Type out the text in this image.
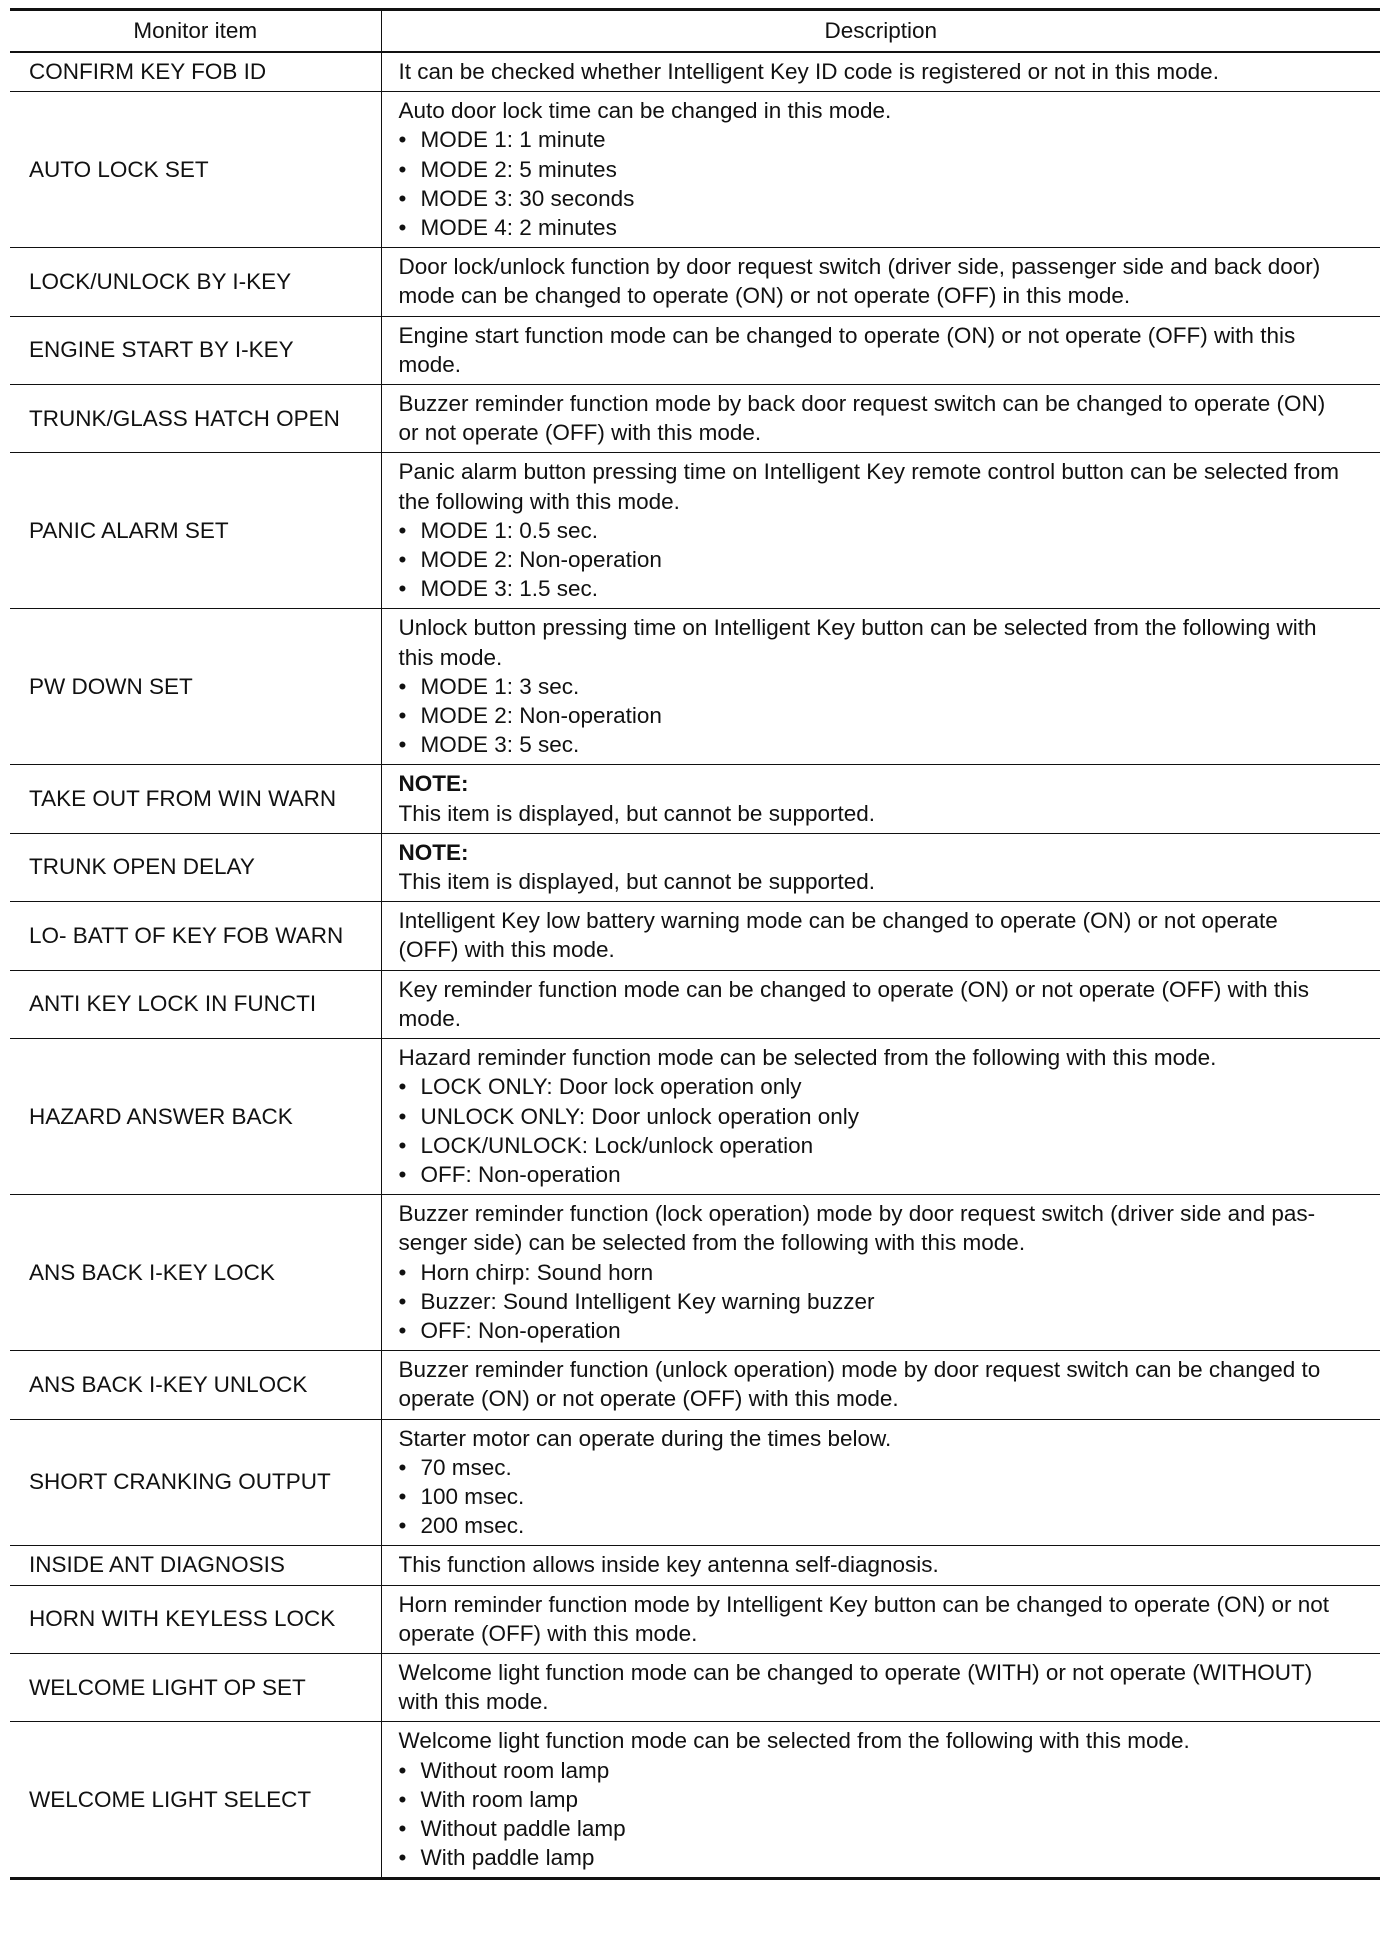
Monitor item	Description
CONFIRM KEY FOB ID	It can be checked whether Intelligent Key ID code is registered or not in this mode.

AUTO LOCK SET	Auto door lock time can be changed in this mode.
• MODE 1: 1 minute
• MODE 2: 5 minutes
• MODE 3: 30 seconds
• MODE 4: 2 minutes

LOCK/UNLOCK BY I-KEY	Door lock/unlock function by door request switch (driver side, passenger side and back door)
mode can be changed to operate (ON) or not operate (OFF) in this mode.

ENGINE START BY I-KEY	Engine start function mode can be changed to operate (ON) or not operate (OFF) with this
mode.

TRUNK/GLASS HATCH OPEN	Buzzer reminder function mode by back door request switch can be changed to operate (ON)
or not operate (OFF) with this mode.

PANIC ALARM SET	Panic alarm button pressing time on Intelligent Key remote control button can be selected from
the following with this mode.
• MODE 1: 0.5 sec.
• MODE 2: Non-operation
• MODE 3: 1.5 sec.

PW DOWN SET	Unlock button pressing time on Intelligent Key button can be selected from the following with
this mode.
• MODE 1: 3 sec.
• MODE 2: Non-operation
• MODE 3: 5 sec.

TAKE OUT FROM WIN WARN	NOTE:
This item is displayed, but cannot be supported.

TRUNK OPEN DELAY	NOTE:
This item is displayed, but cannot be supported.

LO- BATT OF KEY FOB WARN	Intelligent Key low battery warning mode can be changed to operate (ON) or not operate
(OFF) with this mode.

ANTI KEY LOCK IN FUNCTI	Key reminder function mode can be changed to operate (ON) or not operate (OFF) with this
mode.

HAZARD ANSWER BACK	Hazard reminder function mode can be selected from the following with this mode.
• LOCK ONLY: Door lock operation only
• UNLOCK ONLY: Door unlock operation only
• LOCK/UNLOCK: Lock/unlock operation
• OFF: Non-operation

ANS BACK I-KEY LOCK	Buzzer reminder function (lock operation) mode by door request switch (driver side and pas-
senger side) can be selected from the following with this mode.
• Horn chirp: Sound horn
• Buzzer: Sound Intelligent Key warning buzzer
• OFF: Non-operation

ANS BACK I-KEY UNLOCK	Buzzer reminder function (unlock operation) mode by door request switch can be changed to
operate (ON) or not operate (OFF) with this mode.

SHORT CRANKING OUTPUT	Starter motor can operate during the times below.
• 70 msec.
• 100 msec.
• 200 msec.

INSIDE ANT DIAGNOSIS	This function allows inside key antenna self-diagnosis.

HORN WITH KEYLESS LOCK	Horn reminder function mode by Intelligent Key button can be changed to operate (ON) or not
operate (OFF) with this mode.

WELCOME LIGHT OP SET	Welcome light function mode can be changed to operate (WITH) or not operate (WITHOUT)
with this mode.

WELCOME LIGHT SELECT	Welcome light function mode can be selected from the following with this mode.
• Without room lamp
• With room lamp
• Without paddle lamp
• With paddle lamp
